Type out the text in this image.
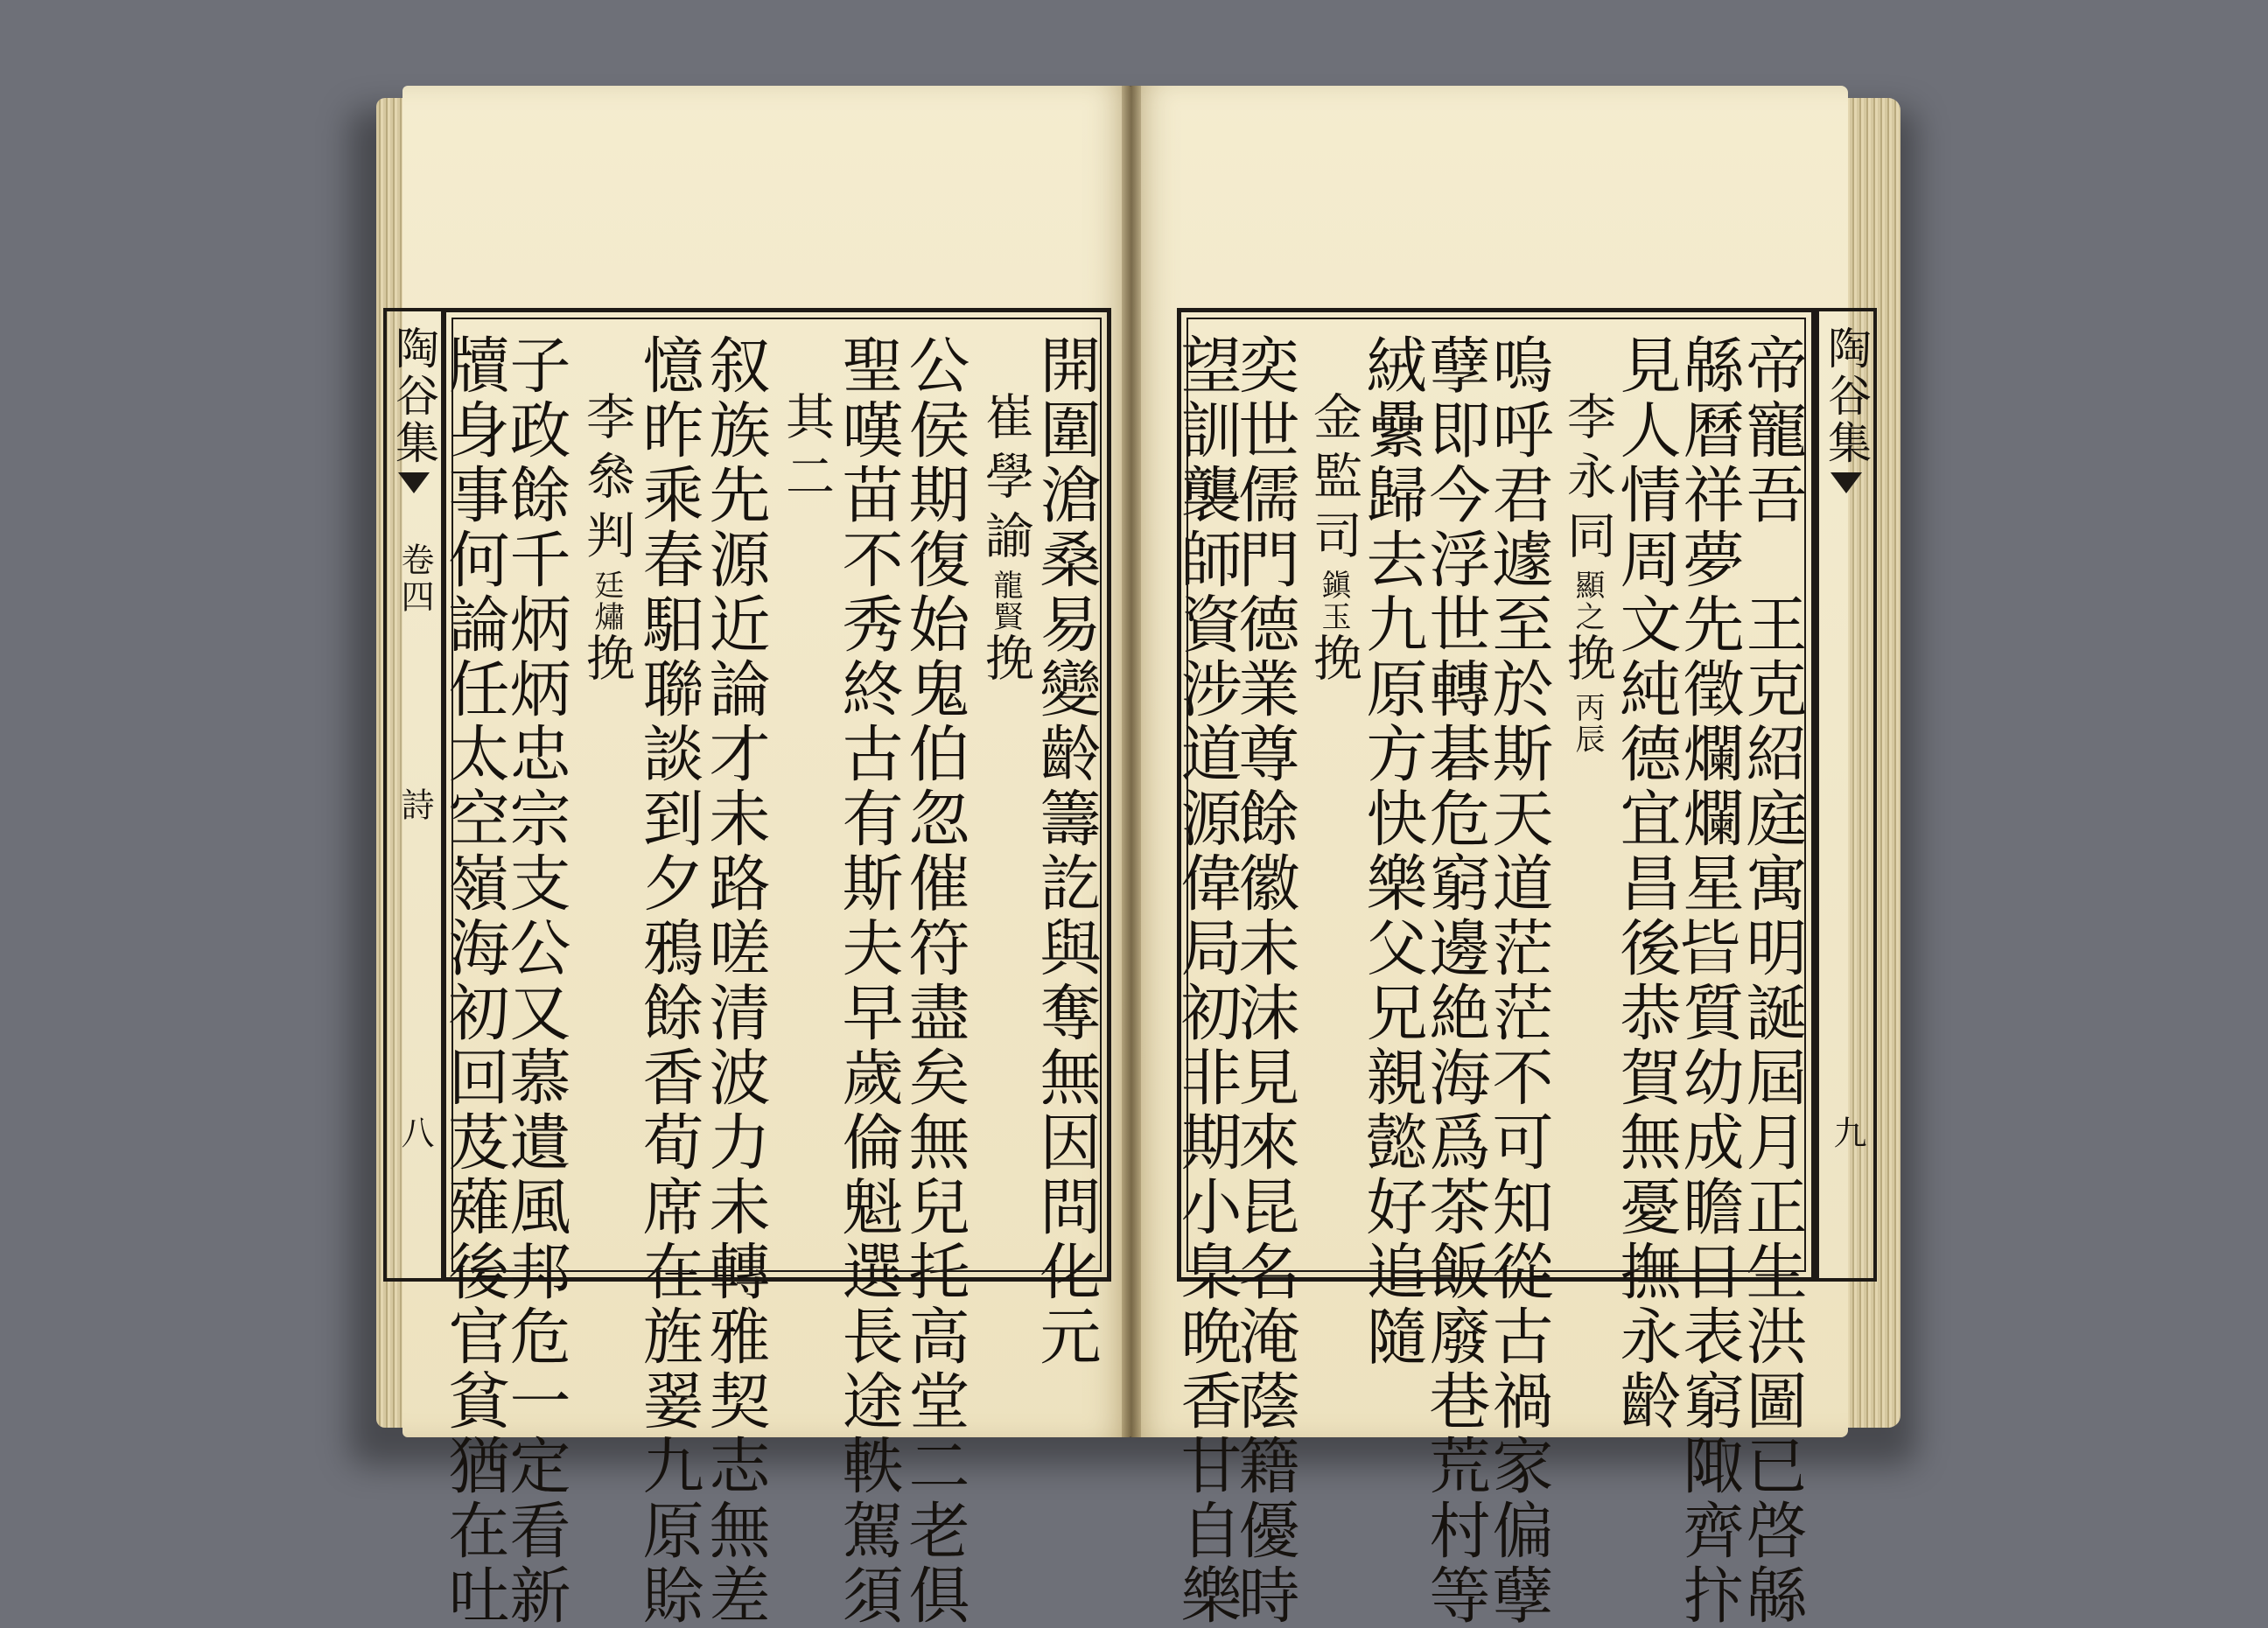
陶谷集
卷四
詩
八	開圍滄桑易變齡籌訖與奪無因問化元
崔學諭龍賢挽
公侯期復始鬼伯忽催符盡矣無兒托高堂二老俱
聖嘆苗不秀終古有斯夫早歲倫魁選長途軼駕須
其二
叙族先源近論才未路嗟清波力未轉雅契志無差
憶昨乘春馹聯談到夕鴉餘香荀席在旌翣九原賒
李叅判廷熽挽
子政餘千炳炳忠宗支公又慕遺風邦危一定看新
牘身事何論任太空嶺海初回芨薙後官貧猶在吐	陶谷集
九
帝寵吾　王克紹庭寓明誕屆月正生洪圖已啓緜
緜曆祥夢先徵爛爛星𣅜質幼成瞻日表窮陬齊抃
見人情周文純德宜昌後恭賀無憂撫永齡
李永同顯之挽丙辰
嗚呼君遽至於斯天道茫茫不可知從古禍家偏孽
孽即今浮世轉碁危窮邊絶海爲茶飯廢巷荒村等
絨纍歸去九原方快樂父兄親懿好追隨
金監司鎭玉挽
奕世儒門德業尊餘徽未沫見來昆名淹蔭籍優時
望訓襲師資涉道源偉局初非期小臬晩香甘自樂
